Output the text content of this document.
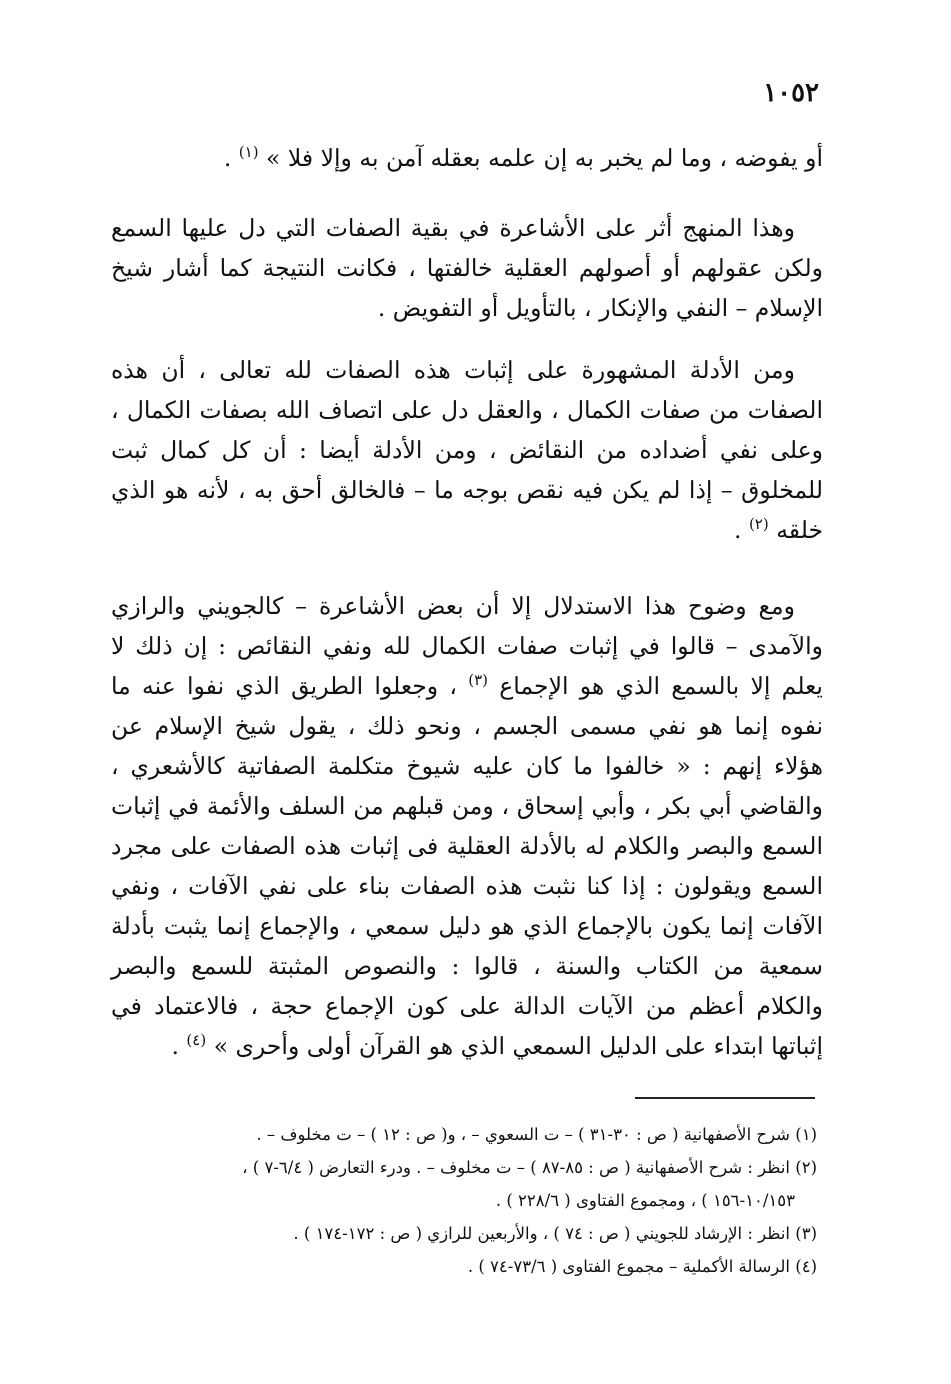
١٠٥٢

أو يفوضه ، وما لم يخبر به إن علمه بعقله آمن به وإلا فلا » $^{(١)}$ .

وهذا المنهج أثر على الأشاعرة في بقية الصفات التي دل عليها السمع ولكن عقولهم أو أصولهم العقلية خالفتها ، فكانت النتيجة كما أشار شيخ الإسلام – النفي والإنكار ، بالتأويل أو التفويض .

ومن الأدلة المشهورة على إثبات هذه الصفات لله تعالى ، أن هذه الصفات من صفات الكمال ، والعقل دل على اتصاف الله بصفات الكمال ، وعلى نفي أضداده من النقائض ، ومن الأدلة أيضا : أن كل كمال ثبت للمخلوق – إذا لم يكن فيه نقص بوجه ما – فالخالق أحق به ، لأنه هو الذي خلقه $^{(٢)}$ .

ومع وضوح هذا الاستدلال إلا أن بعض الأشاعرة – كالجويني والرازي والآمدى – قالوا في إثبات صفات الكمال لله ونفي النقائص : إن ذلك لا يعلم إلا بالسمع الذي هو الإجماع $^{(٣)}$ ، وجعلوا الطريق الذي نفوا عنه ما نفوه إنما هو نفي مسمى الجسم ، ونحو ذلك ، يقول شيخ الإسلام عن هؤلاء إنهم : « خالفوا ما كان عليه شيوخ متكلمة الصفاتية كالأشعري ، والقاضي أبي بكر ، وأبي إسحاق ، ومن قبلهم من السلف والأئمة في إثبات السمع والبصر والكلام له بالأدلة العقلية فى إثبات هذه الصفات على مجرد السمع ويقولون : إذا كنا نثبت هذه الصفات بناء على نفي الآفات ، ونفي الآفات إنما يكون بالإجماع الذي هو دليل سمعي ، والإجماع إنما يثبت بأدلة سمعية من الكتاب والسنة ، قالوا : والنصوص المثبتة للسمع والبصر والكلام أعظم من الآيات الدالة على كون الإجماع حجة ، فالاعتماد في إثباتها ابتداء على الدليل السمعي الذي هو القرآن أولى وأحرى » $^{(٤)}$ .

(١) شرح الأصفهانية ( ص : ٣٠-٣١ ) – ت السعوي – ، و( ص : ١٢ ) – ت مخلوف – .

(٢) انظر : شرح الأصفهانية ( ص : ٨٥-٨٧ ) – ت مخلوف – . ودرء التعارض ( ٦/٤-٧ ) ،

١٠/١٥٣-١٥٦ ) ، ومجموع الفتاوى ( ٢٢٨/٦ ) .

(٣) انظر : الإرشاد للجويني ( ص : ٧٤ ) ، والأربعين للرازي ( ص : ١٧٢-١٧٤ ) .

(٤) الرسالة الأكملية – مجموع الفتاوى ( ٧٣/٦-٧٤ ) .
